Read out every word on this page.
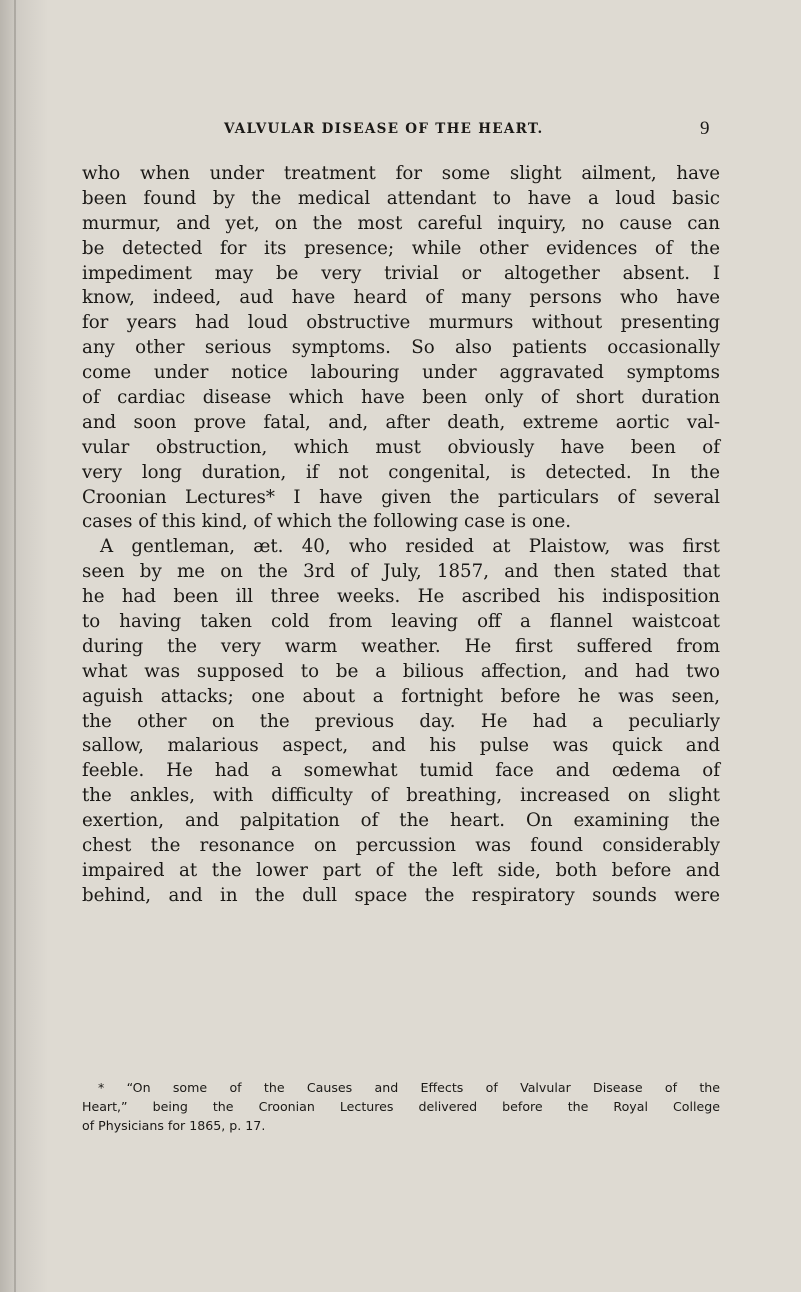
VALVULAR DISEASE OF THE HEART.	9
who when under treatment for some slight ailment, have
been found by the medical attendant to have a loud basic
murmur, and yet, on the most careful inquiry, no cause can
be detected for its presence; while other evidences of the
impediment may be very trivial or altogether absent. I
know, indeed, aud have heard of many persons who have
for years had loud obstructive murmurs without presenting
any other serious symptoms. So also patients occasionally
come under notice labouring under aggravated symptoms
of cardiac disease which have been only of short duration
and soon prove fatal, and, after death, extreme aortic val-
vular obstruction, which must obviously have been of
very long duration, if not congenital, is detected. In the
Croonian Lectures* I have given the particulars of several
cases of this kind, of which the following case is one.
A gentleman, æt. 40, who resided at Plaistow, was first
seen by me on the 3rd of July, 1857, and then stated that
he had been ill three weeks. He ascribed his indisposition
to having taken cold from leaving off a flannel waistcoat
during the very warm weather. He first suffered from
what was supposed to be a bilious affection, and had two
aguish attacks; one about a fortnight before he was seen,
the other on the previous day. He had a peculiarly
sallow, malarious aspect, and his pulse was quick and
feeble. He had a somewhat tumid face and œdema of
the ankles, with difficulty of breathing, increased on slight
exertion, and palpitation of the heart. On examining the
chest the resonance on percussion was found considerably
impaired at the lower part of the left side, both before and
behind, and in the dull space the respiratory sounds were
* “On some of the Causes and Effects of Valvular Disease of the
Heart,” being the Croonian Lectures delivered before the Royal College
of Physicians for 1865, p. 17.
